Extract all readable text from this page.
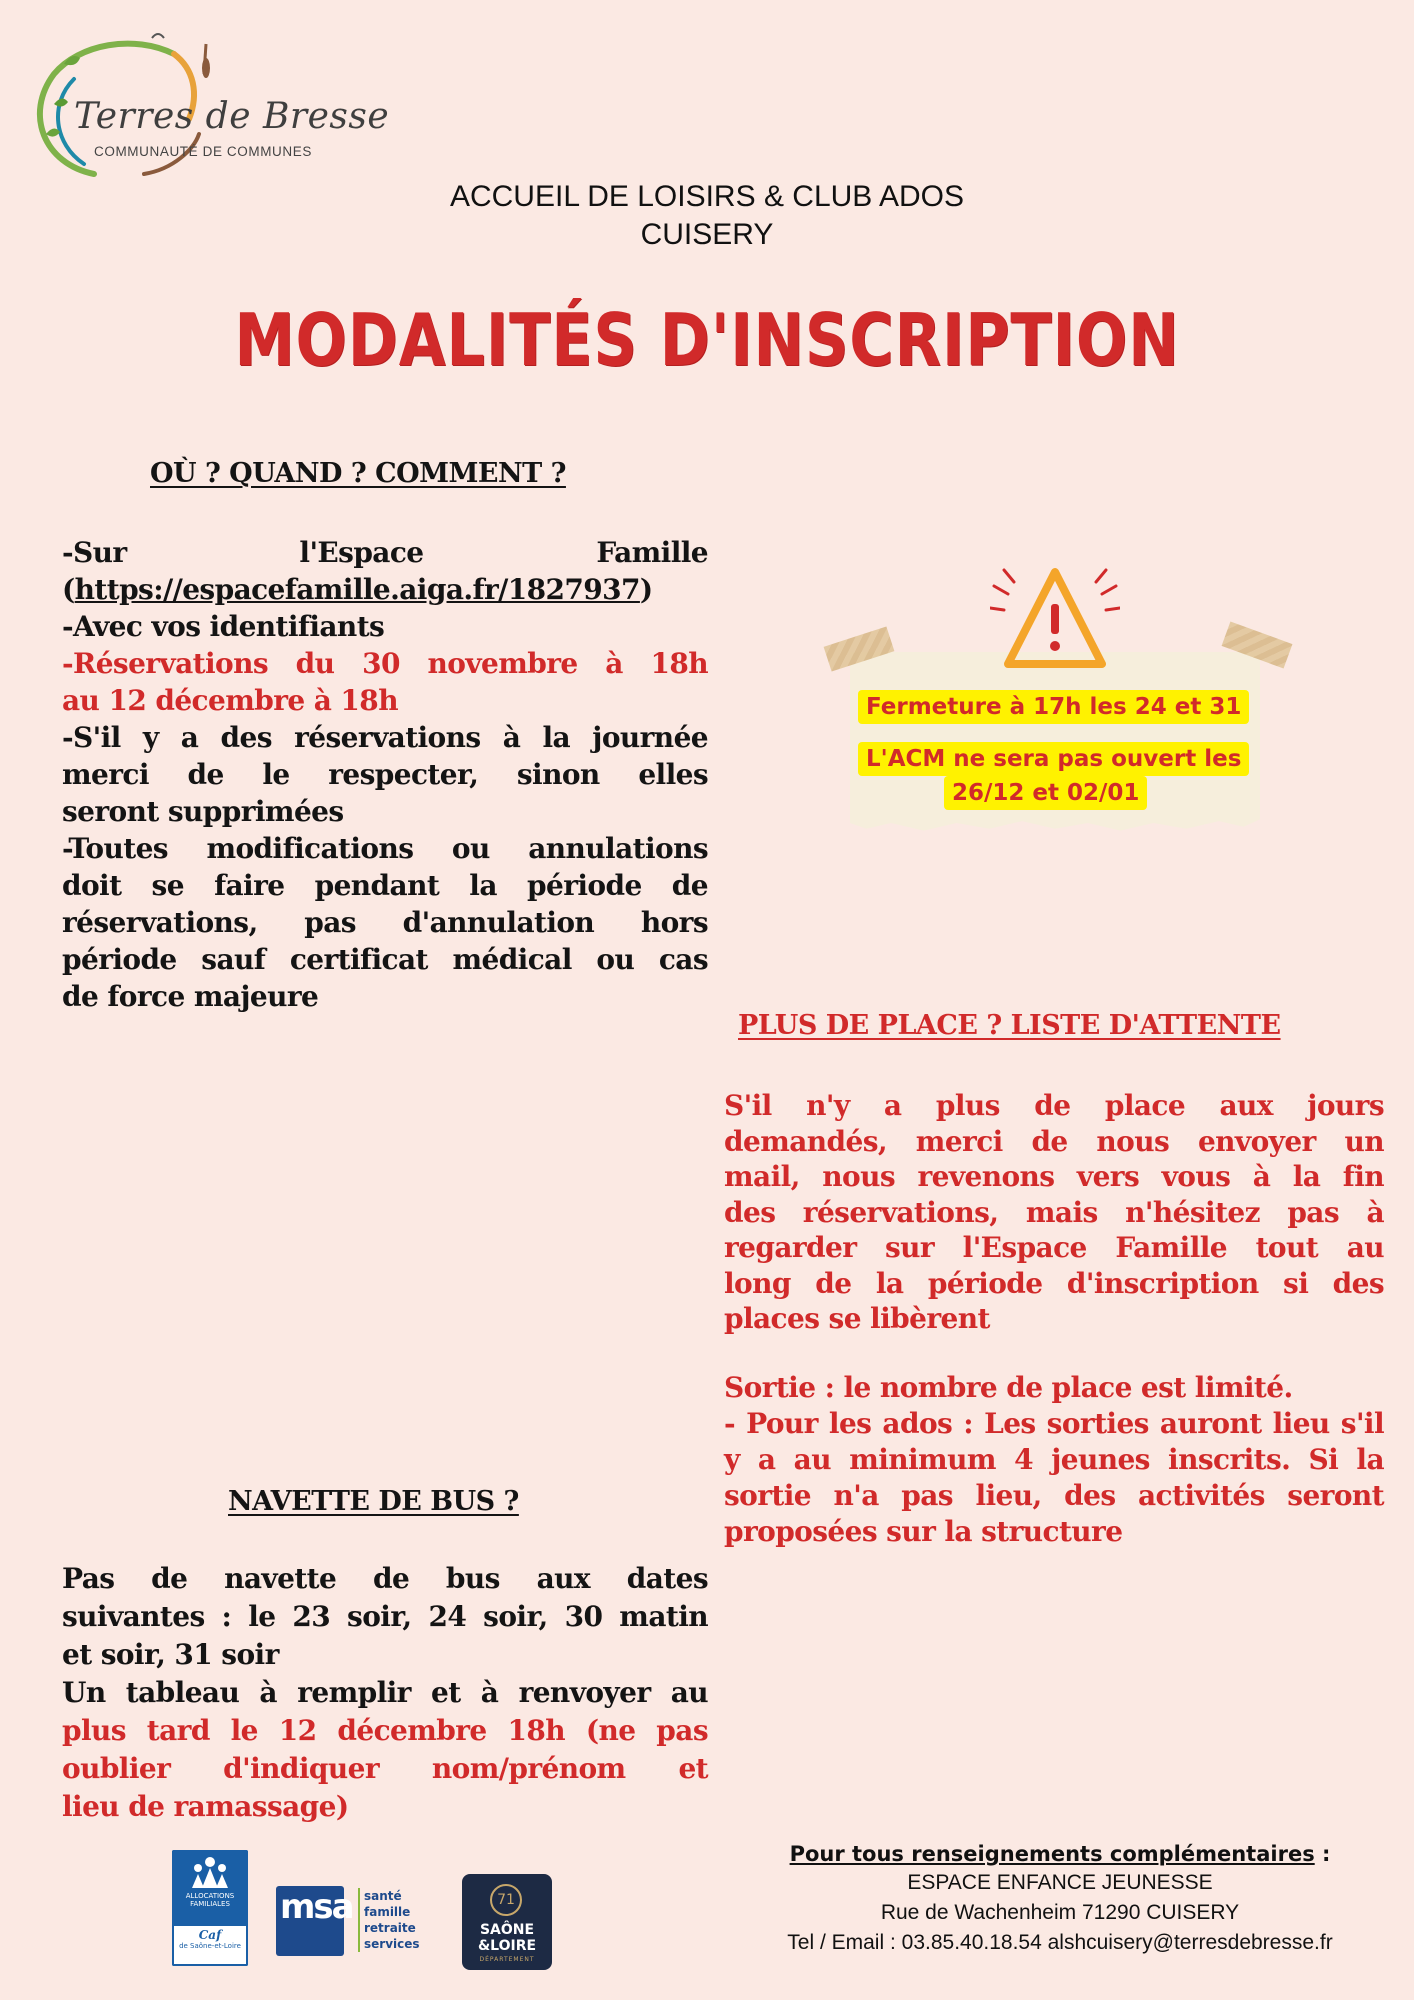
Terres de Bresse
COMMUNAUTÉ DE COMMUNES
ACCUEIL DE LOISIRS & CLUB ADOS
CUISERY
MODALITÉS D'INSCRIPTION
OÙ ? QUAND ? COMMENT ?
-Sur l'Espace Famille
(https://espacefamille.aiga.fr/1827937)
-Avec vos identifiants
-Réservations du 30 novembre à 18h
au 12 décembre à 18h
-S'il y a des réservations à la journée
merci de le respecter, sinon elles
seront supprimées
-Toutes modifications ou annulations
doit se faire pendant la période de
réservations, pas d'annulation hors
période sauf certificat médical ou cas
de force majeure
Fermeture à 17h les 24 et 31
L'ACM ne sera pas ouvert les
26/12 et 02/01
PLUS DE PLACE ? LISTE D'ATTENTE
S'il n'y a plus de place aux jours
demandés, merci de nous envoyer un
mail, nous revenons vers vous à la fin
des réservations, mais n'hésitez pas à
regarder sur l'Espace Famille tout au
long de la période d'inscription si des
places se libèrent
Sortie : le nombre de place est limité.
- Pour les ados : Les sorties auront lieu s'il
y a au minimum 4 jeunes inscrits. Si la
sortie n'a pas lieu, des activités seront
proposées sur la structure
NAVETTE DE BUS ?
Pas de navette de bus aux dates
suivantes : le 23 soir, 24 soir, 30 matin
et soir, 31 soir
Un tableau à remplir et à renvoyer au
plus tard le 12 décembre 18h (ne pas
oublier d'indiquer nom/prénom et
lieu de ramassage)
ALLOCATIONS FAMILIALES
Caf
de Saône-et-Loire
msa santé
famille
retraite
services
71
SAÔNE
&LOIRE
DÉPARTEMENT
Pour tous renseignements complémentaires :
ESPACE ENFANCE JEUNESSE
Rue de Wachenheim 71290 CUISERY
Tel / Email : 03.85.40.18.54 alshcuisery@terresdebresse.fr
